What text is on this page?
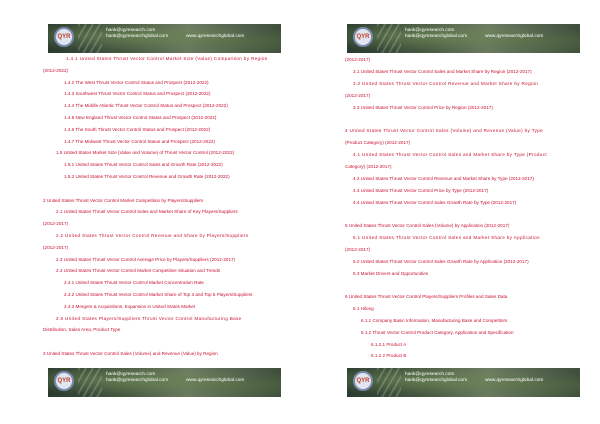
QYR
hank@qyresearch.com
hank@qyresearchglobal.com	www.qyresearchglobal.com
1.4.1 United States Thrust Vector Control Market Size (Value) Comparison by Region
(2012-2022)
1.4.2 The West Thrust Vector Control Status and Prospect (2012-2022)
1.4.3 Southwest Thrust Vector Control Status and Prospect (2012-2022)
1.4.4 The Middle Atlantic Thrust Vector Control Status and Prospect (2012-2022)
1.4.5 New England Thrust Vector Control Status and Prospect (2012-2022)
1.4.6 The South Thrust Vector Control Status and Prospect (2012-2022)
1.4.7 The Midwest Thrust Vector Control Status and Prospect (2012-2022)
1.5 United States Market Size (Value and Volume) of Thrust Vector Control (2012-2022)
1.5.1 United States Thrust Vector Control Sales and Growth Rate (2012-2022)
1.5.2 United States Thrust Vector Control Revenue and Growth Rate (2012-2022)
2 United States Thrust Vector Control Market Competition by Players/Suppliers
2.1 United States Thrust Vector Control Sales and Market Share of Key Players/Suppliers
(2012-2017)
2.2 United States Thrust Vector Control Revenue and Share by Players/Suppliers
(2012-2017)
2.3 United States Thrust Vector Control Average Price by Players/Suppliers (2012-2017)
2.4 United States Thrust Vector Control Market Competitive Situation and Trends
2.4.1 United States Thrust Vector Control Market Concentration Rate
2.4.2 United States Thrust Vector Control Market Share of Top 3 and Top 5 Players/Suppliers
2.4.3 Mergers & Acquisitions, Expansion in United States Market
2.5 United States Players/Suppliers Thrust Vector Control Manufacturing Base
Distribution, Sales Area, Product Type
3 United States Thrust Vector Control Sales (Volume) and Revenue (Value) by Region
QYR
hank@qyresearch.com
hank@qyresearchglobal.com	www.qyresearchglobal.com
QYR
hank@qyresearch.com
hank@qyresearchglobal.com	www.qyresearchglobal.com
(2012-2017)
3.1 United States Thrust Vector Control Sales and Market Share by Region (2012-2017)
3.2 United States Thrust Vector Control Revenue and Market Share by Region
(2012-2017)
3.3 United States Thrust Vector Control Price by Region (2012-2017)
4 United States Thrust Vector Control Sales (Volume) and Revenue (Value) by Type
(Product Category) (2012-2017)
4.1 United States Thrust Vector Control Sales and Market Share by Type (Product
Category) (2012-2017)
4.2 United States Thrust Vector Control Revenue and Market Share by Type (2012-2017)
4.3 United States Thrust Vector Control Price by Type (2012-2017)
4.4 United States Thrust Vector Control Sales Growth Rate by Type (2012-2017)
5 United States Thrust Vector Control Sales (Volume) by Application (2012-2017)
5.1 United States Thrust Vector Control Sales and Market Share by Application
(2012-2017)
5.2 United States Thrust Vector Control Sales Growth Rate by Application (2012-2017)
5.3 Market Drivers and Opportunities
6 United States Thrust Vector Control Players/Suppliers Profiles and Sales Data
6.1 Hilong
6.1.1 Company Basic Information, Manufacturing Base and Competitors
6.1.2 Thrust Vector Control Product Category, Application and Specification
6.1.2.1 Product A
6.1.2.2 Product B
QYR
hank@qyresearch.com
hank@qyresearchglobal.com	www.qyresearchglobal.com
